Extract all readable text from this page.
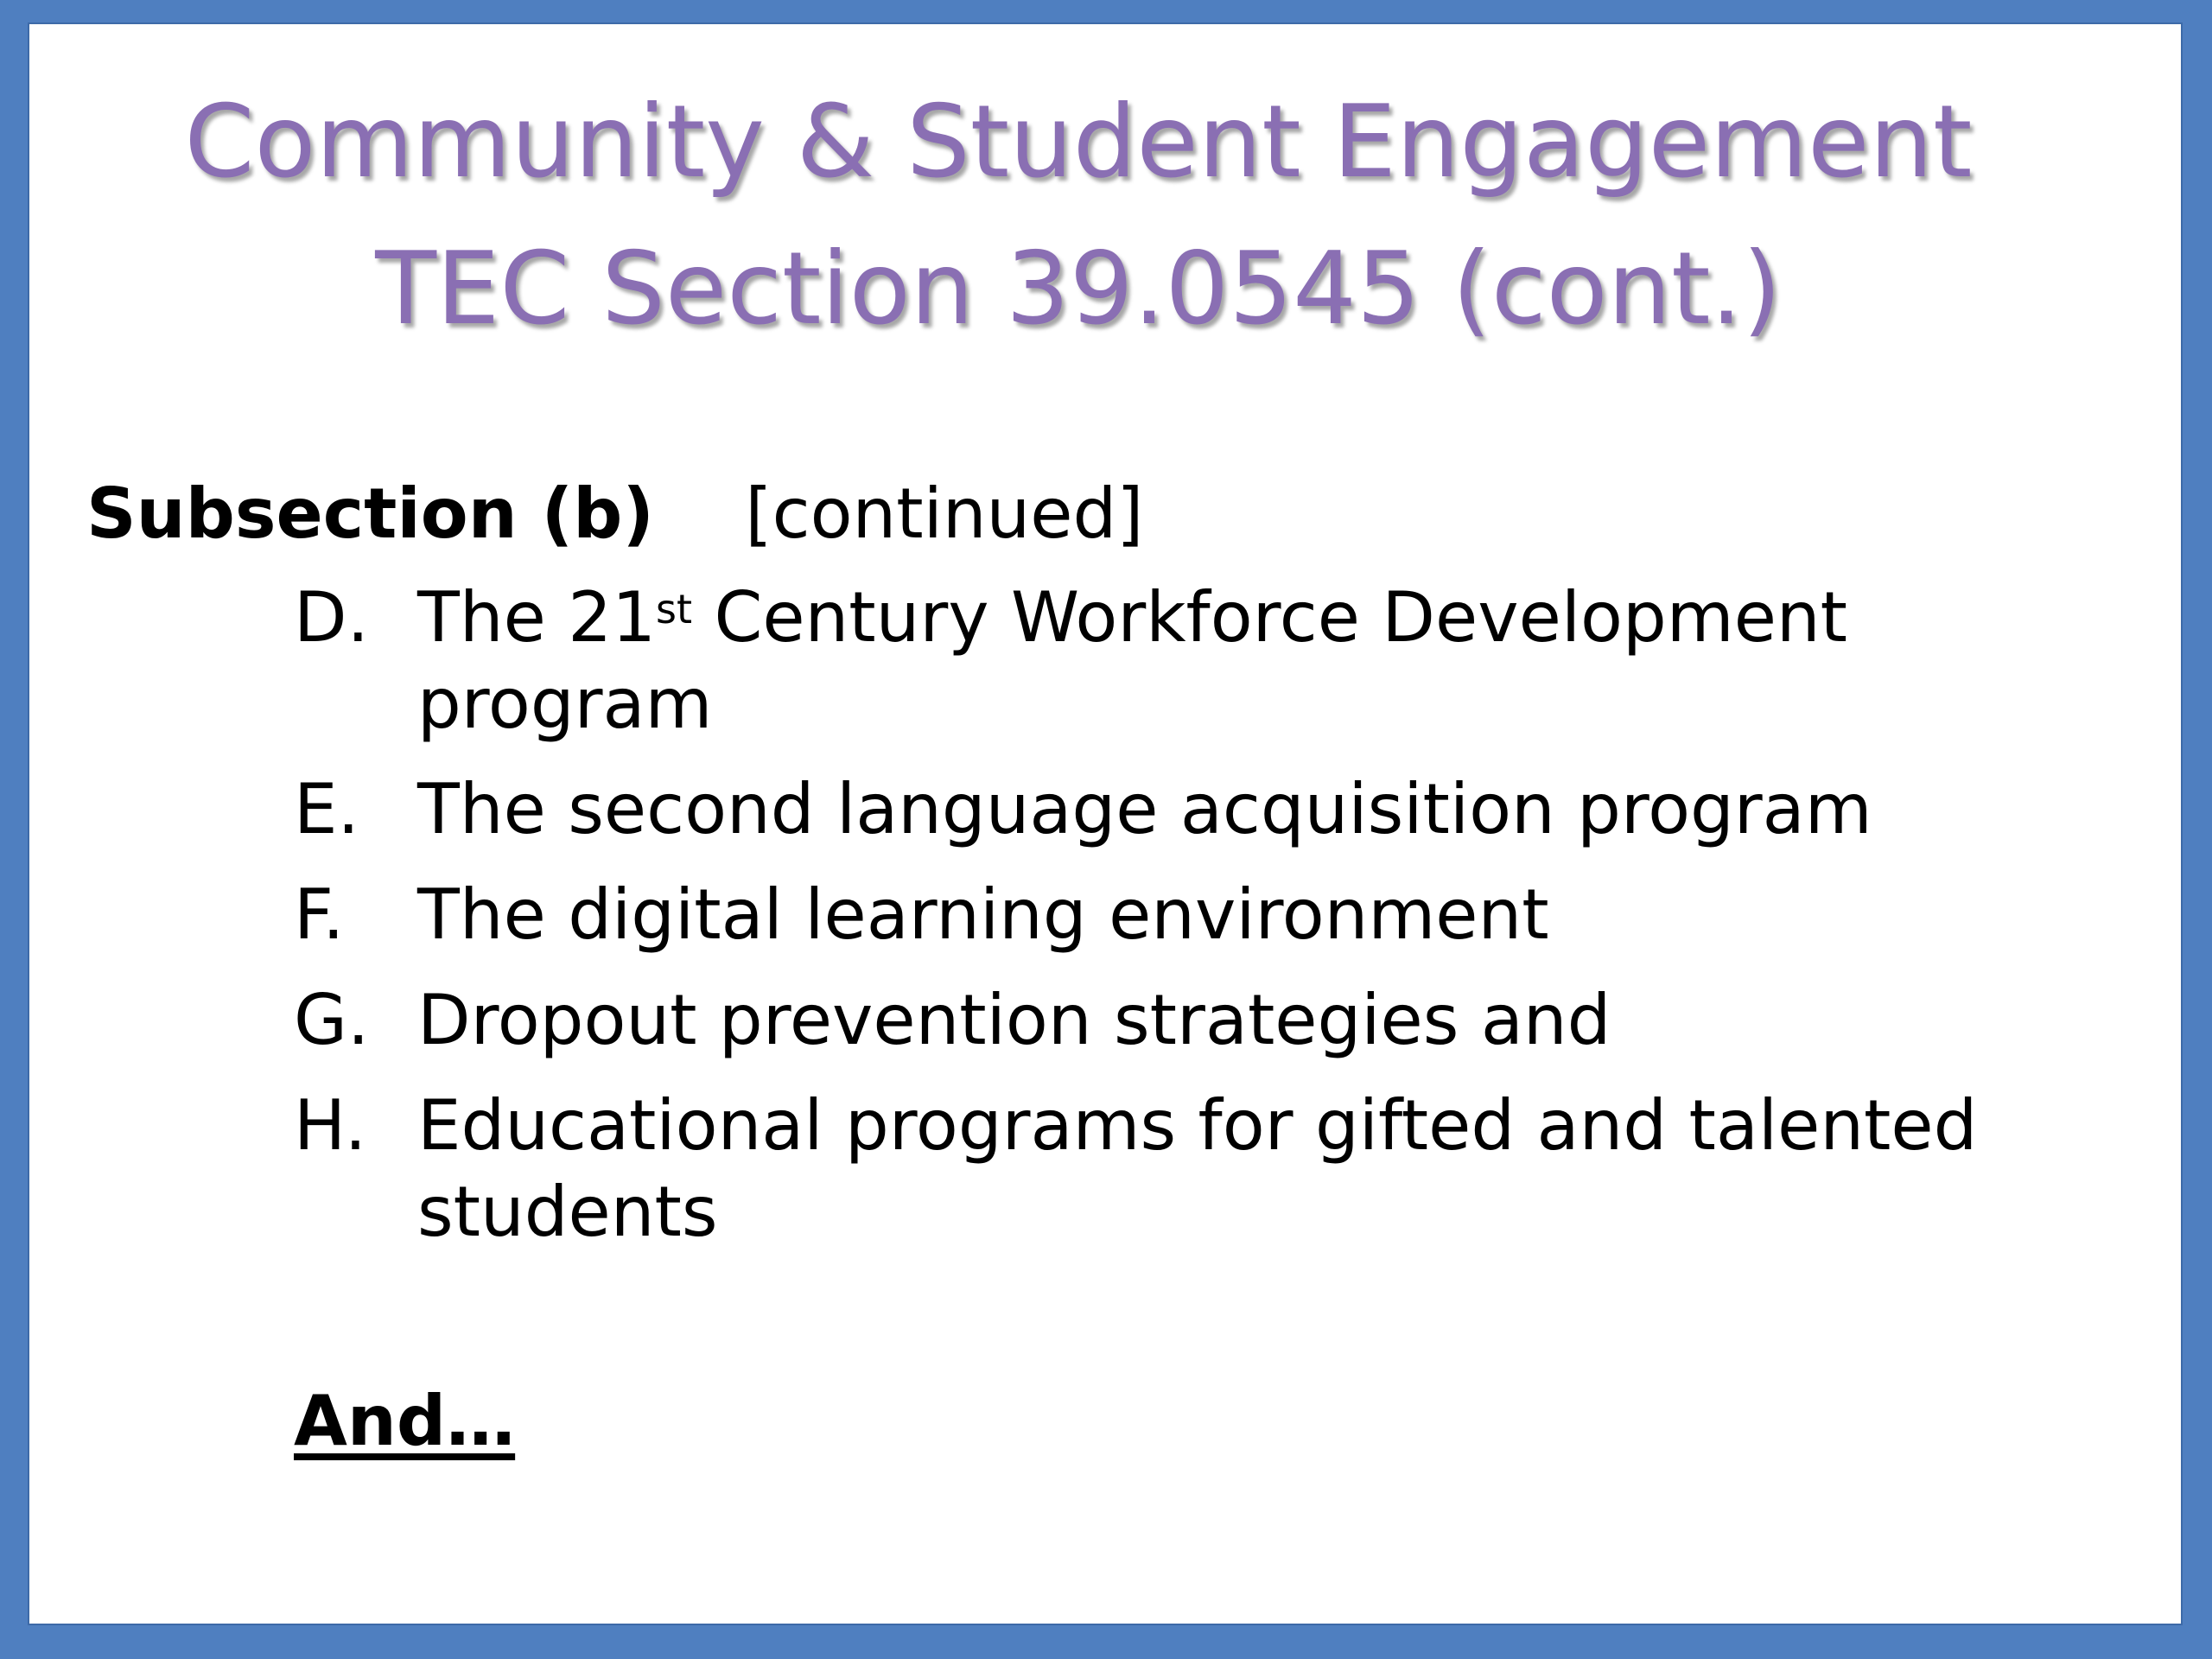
Community & Student Engagement
TEC Section 39.0545 (cont.)
Subsection (b) [continued]
D. The 21st Century Workforce Development program
E. The second language acquisition program
F. The digital learning environment
G. Dropout prevention strategies and
H. Educational programs for gifted and talented students
And…
